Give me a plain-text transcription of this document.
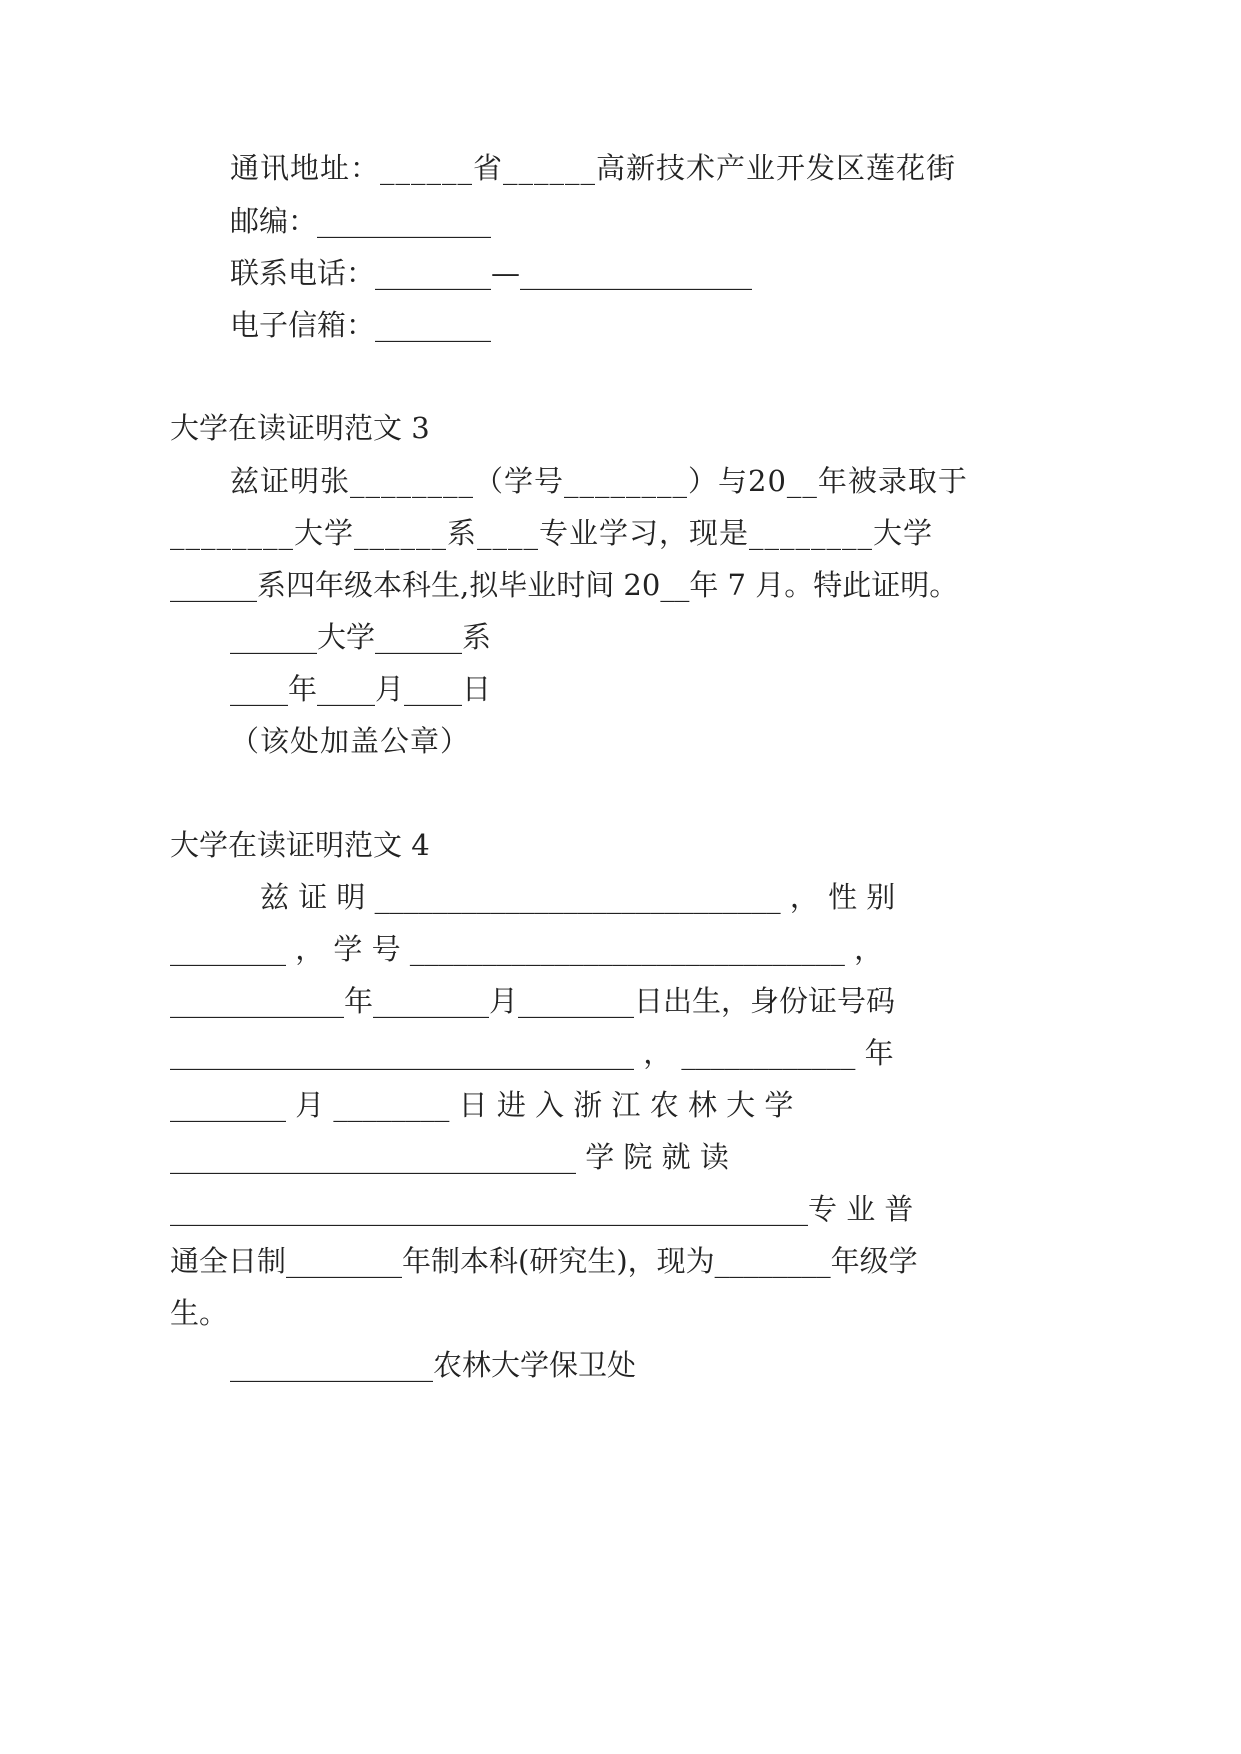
通讯地址：______省______高新技术产业开发区莲花街
邮编：____________
联系电话：________—________________
电子信箱：________
大学在读证明范文 3
兹证明张________（学号________）与20__年被录取于
________大学______系____专业学习，现是________大学
______系四年级本科生,拟毕业时间 20__年 7 月。特此证明。
______大学______系
____年____月____日
（该处加盖公章）
大学在读证明范文 4
兹 证 明 ____________________________ ， 性 别
________ ， 学 号 ______________________________ ，
____________年________月________日出生，身份证号码
________________________________ ， ____________ 年
________ 月 ________ 日 进 入 浙 江 农 林 大 学
____________________________ 学 院 就 读
____________________________________________专 业 普
通全日制________年制本科(研究生)，现为________年级学
生。
______________农林大学保卫处
